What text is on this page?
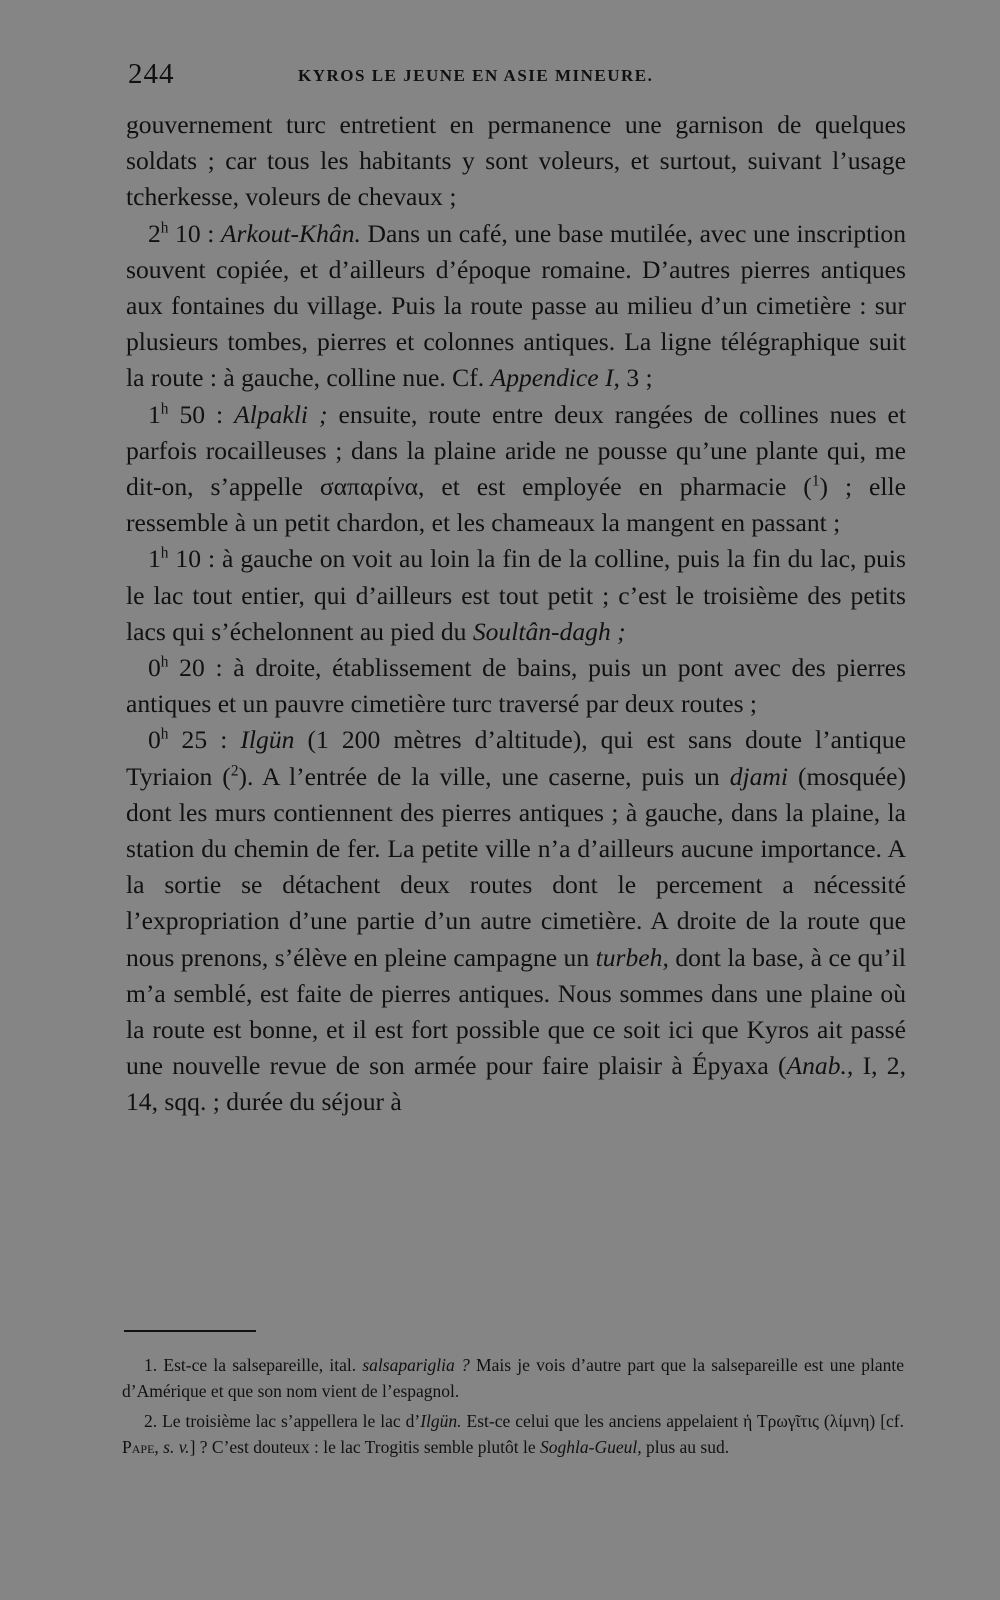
244	KYROS LE JEUNE EN ASIE MINEURE.

gouvernement turc entretient en permanence une garnison de quelques soldats ; car tous les habitants y sont voleurs, et surtout, suivant l’usage tcherkesse, voleurs de chevaux ;

2$^h$ 10 : Arkout-Khân. Dans un café, une base mutilée, avec une inscription souvent copiée, et d’ailleurs d’époque romaine. D’autres pierres antiques aux fontaines du village. Puis la route passe au milieu d’un cimetière : sur plusieurs tombes, pierres et colonnes antiques. La ligne télégraphique suit la route : à gauche, colline nue. Cf. Appendice I, 3 ;

1$^h$ 50 : Alpakli ; ensuite, route entre deux rangées de collines nues et parfois rocailleuses ; dans la plaine aride ne pousse qu’une plante qui, me dit-on, s’appelle σαπαρίνα, et est employée en pharmacie ($^1$) ; elle ressemble à un petit chardon, et les chameaux la mangent en passant ;

1$^h$ 10 : à gauche on voit au loin la fin de la colline, puis la fin du lac, puis le lac tout entier, qui d’ailleurs est tout petit ; c’est le troisième des petits lacs qui s’échelonnent au pied du Soultân-dagh ;

0$^h$ 20 : à droite, établissement de bains, puis un pont avec des pierres antiques et un pauvre cimetière turc traversé par deux routes ;

0$^h$ 25 : Ilgün (1 200 mètres d’altitude), qui est sans doute l’antique Tyriaion ($^2$). A l’entrée de la ville, une caserne, puis un djami (mosquée) dont les murs contiennent des pierres antiques ; à gauche, dans la plaine, la station du chemin de fer. La petite ville n’a d’ailleurs aucune importance. A la sortie se détachent deux routes dont le percement a nécessité l’expropriation d’une partie d’un autre cimetière. A droite de la route que nous prenons, s’élève en pleine campagne un turbeh, dont la base, à ce qu’il m’a semblé, est faite de pierres antiques. Nous sommes dans une plaine où la route est bonne, et il est fort possible que ce soit ici que Kyros ait passé une nouvelle revue de son armée pour faire plaisir à Épyaxa (Anab., I, 2, 14, sqq. ; durée du séjour à

1. Est-ce la salsepareille, ital. salsapariglia ? Mais je vois d’autre part que la salsepareille est une plante d’Amérique et que son nom vient de l’espagnol.

2. Le troisième lac s’appellera le lac d’Ilgün. Est-ce celui que les anciens appelaient ἡ Τρωγῖτις (λίμνη) [cf. Pape, s. v.] ? C’est douteux : le lac Trogitis semble plutôt le Soghla-Gueul, plus au sud.
